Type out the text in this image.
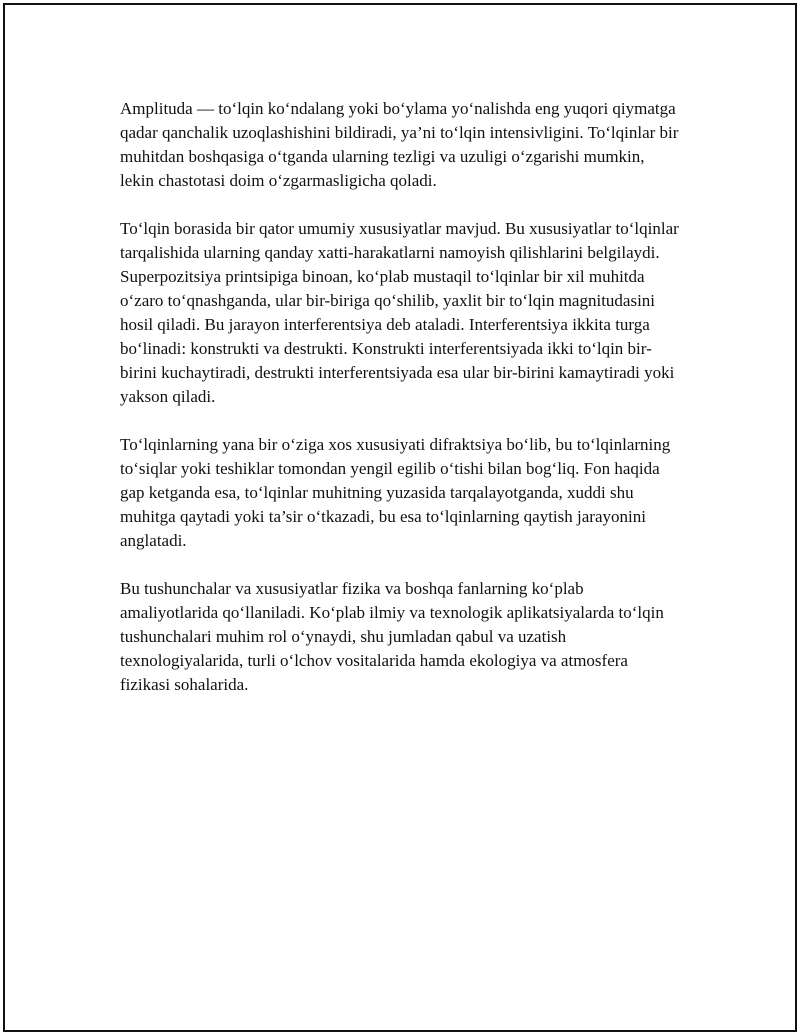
Amplituda — to‘lqin ko‘ndalang yoki bo‘ylama yo‘nalishda eng yuqori qiymatga qadar qanchalik uzoqlashishini bildiradi, ya’ni to‘lqin intensivligini. To‘lqinlar bir muhitdan boshqasiga o‘tganda ularning tezligi va uzuligi o‘zgarishi mumkin, lekin chastotasi doim o‘zgarmasligicha qoladi.

To‘lqin borasida bir qator umumiy xususiyatlar mavjud. Bu xususiyatlar to‘lqinlar tarqalishida ularning qanday xatti-harakatlarni namoyish qilishlarini belgilaydi. Superpozitsiya printsipiga binoan, ko‘plab mustaqil to‘lqinlar bir xil muhitda o‘zaro to‘qnashganda, ular bir-biriga qo‘shilib, yaxlit bir to‘lqin magnitudasini hosil qiladi. Bu jarayon interferentsiya deb ataladi. Interferentsiya ikkita turga bo‘linadi: konstrukti va destrukti. Konstrukti interferentsiyada ikki to‘lqin bir-birini kuchaytiradi, destrukti interferentsiyada esa ular bir-birini kamaytiradi yoki yakson qiladi.

To‘lqinlarning yana bir o‘ziga xos xususiyati difraktsiya bo‘lib, bu to‘lqinlarning to‘siqlar yoki teshiklar tomondan yengil egilib o‘tishi bilan bog‘liq. Fon haqida gap ketganda esa, to‘lqinlar muhitning yuzasida tarqalayotganda, xuddi shu muhitga qaytadi yoki ta’sir o‘tkazadi, bu esa to‘lqinlarning qaytish jarayonini anglatadi.

Bu tushunchalar va xususiyatlar fizika va boshqa fanlarning ko‘plab amaliyotlarida qo‘llaniladi. Ko‘plab ilmiy va texnologik aplikatsiyalarda to‘lqin tushunchalari muhim rol o‘ynaydi, shu jumladan qabul va uzatish texnologiyalarida, turli o‘lchov vositalarida hamda ekologiya va atmosfera fizikasi sohalarida.
